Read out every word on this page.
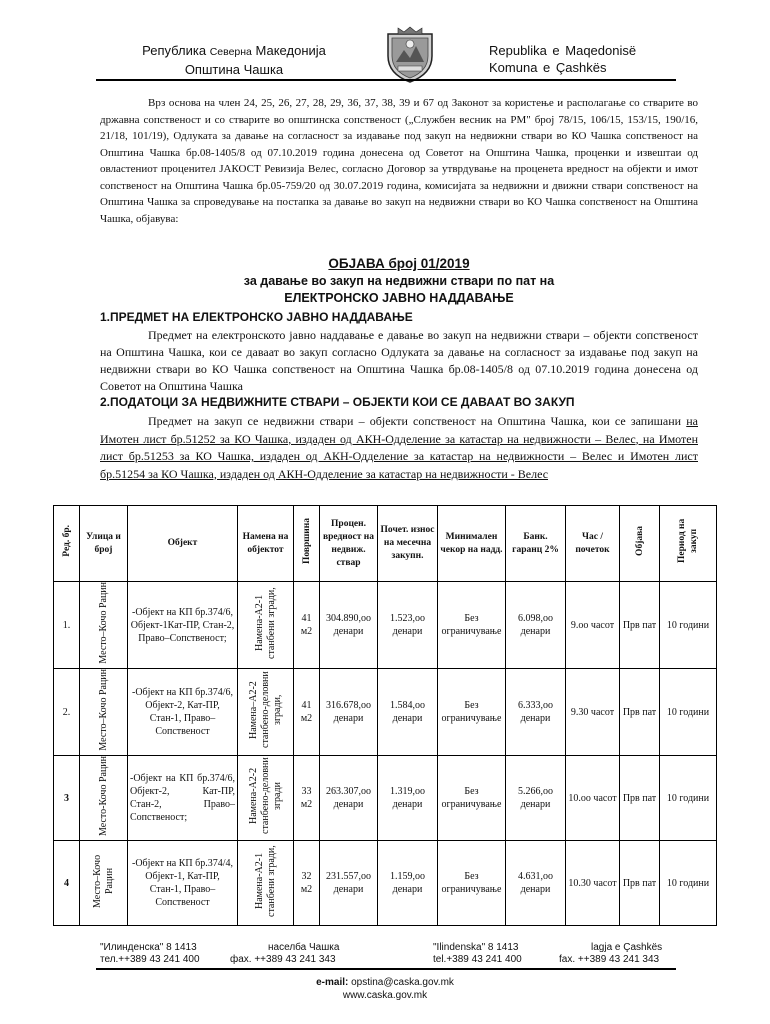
Република Северна Македонија
Општина Чашка
Republika e Maqedonisë
Komuna e Çashkës

Врз основа на член 24, 25, 26, 27, 28, 29, 36, 37, 38, 39 и 67 од Законот за користење и располагање со стварите во државна сопственост и со стварите во општинска сопственост („Службен весник на РМ" број 78/15, 106/15, 153/15, 190/16, 21/18, 101/19), Одлуката за давање на согласност за издавање под закуп на недвижни ствари во КО Чашка сопственост на Општина Чашка бр.08-1405/8 од 07.10.2019 година донесена од Советот на Општина Чашка, проценки и извештаи од овластениот проценител ЈАКОСТ Ревизија Велес, согласно Договор за утврдување на проценета вредност на објекти и имот сопственост на Општина Чашка бр.05-759/20 од 30.07.2019 година, комисијата за недвижни и движни ствари сопственост на Општина Чашка за спроведување на постапка за давање во закуп на недвижни ствари во КО Чашка сопственост на Општина Чашка, објавува:

ОБЈАВА број 01/2019
за давање во закуп на недвижни ствари по пат на
ЕЛЕКТРОНСКО ЈАВНО НАДДАВАЊЕ
1.ПРЕДМЕТ НА ЕЛЕКТРОНСКО ЈАВНО НАДДАВАЊЕ

Предмет на електронското јавно наддавање е давање во закуп на недвижни ствари – објекти сопственост на Општина Чашка, кои се даваат во закуп согласно Одлуката за давање на согласност за издавање под закуп на недвижни ствари во КО Чашка сопственост на Општина Чашка бр.08-1405/8 од 07.10.2019 година донесена од Советот на Општина Чашка

2.ПОДАТОЦИ ЗА НЕДВИЖНИТЕ СТВАРИ – ОБЈЕКТИ КОИ СЕ ДАВААТ ВО ЗАКУП

Предмет на закуп се недвижни ствари – објекти сопственост на Општина Чашка, кои се запишани на Имотен лист бр.51252 за КО Чашка, издаден од АКН-Одделение за катастар на недвижности – Велес, на Имотен лист бр.51253 за КО Чашка, издаден од АКН-Одделение за катастар на недвижности – Велес и Имотен лист бр.51254 за КО Чашка, издаден од АКН-Одделение за катастар на недвижности - Велес

Ред. бр.	Улица и број	Објект	Намена на објектот	Површина	Процен. вредност на недвиж. ствар	Почет. износ на месечна закупн.	Минимален чекор на надд.	Банк. гаранц 2%	Час /почеток	Објава	Период на закуп
1.	Место–Кочо Рацин	-Објект на КП бр.374/6, Објект-1Кат-ПР, Стан-2, Право–Сопственост;	Намена-А2-1 станбени згради,	41 м2	304.890,оо денари	1.523,оо денари	Без ограничување	6.098,оо денари	9.оо часот	Прв пат	10 години
2.	Место–Кочо Рацин	-Објект на КП бр.374/6, Објект-2, Кат-ПР, Стан-1, Право–Сопственост	Намена–А2-2 станбено-деловни згради,	41 м2	316.678,оо денари	1.584,оо денари	Без ограничување	6.333,оо денари	9.30 часот	Прв пат	10 години
3	Место-Кочо Рацин	-Објект на КП бр.374/6, Објект-2, Кат-ПР, Стан-2, Право–Сопственост;	Намена-А2-2 станбено-деловни згради	33 м2	263.307,оо денари	1.319,оо денари	Без ограничување	5.266,оо денари	10.оо часот	Прв пат	10 години
4	Место–Кочо Рацин	-Објект на КП бр.374/4, Објект-1, Кат-ПР, Стан-1, Право–Сопственост	Намена-А2-1 станбени згради,	32 м2	231.557,оо денари	1.159,оо денари	Без ограничување	4.631,оо денари	10.30 часот	Прв пат	10 години
"Илинденска" 8 1413	населба Чашка	"Ilindenska" 8 1413	lagja e Çashkës
тел.++389 43 241 400	фах. ++389 43 241 343	tel.+389 43 241 400	fax. ++389 43 241 343
e-mail: opstina@caska.gov.mk
www.caska.gov.mk
